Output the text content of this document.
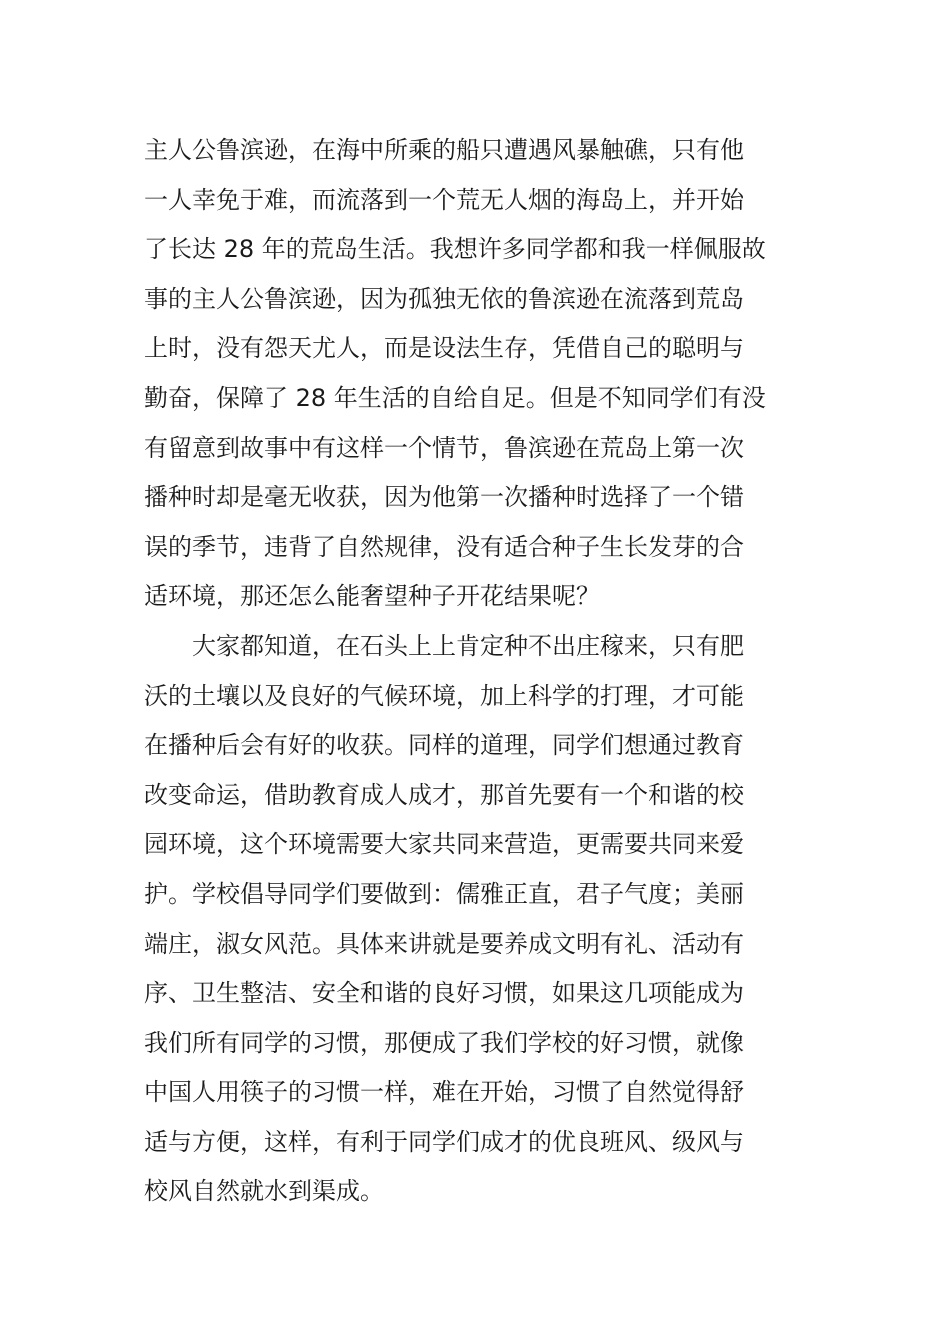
主人公鲁滨逊，在海中所乘的船只遭遇风暴触礁，只有他
一人幸免于难，而流落到一个荒无人烟的海岛上，并开始
了长达 28 年的荒岛生活。我想许多同学都和我一样佩服故
事的主人公鲁滨逊，因为孤独无依的鲁滨逊在流落到荒岛
上时，没有怨天尤人，而是设法生存，凭借自己的聪明与
勤奋，保障了 28 年生活的自给自足。但是不知同学们有没
有留意到故事中有这样一个情节，鲁滨逊在荒岛上第一次
播种时却是毫无收获，因为他第一次播种时选择了一个错
误的季节，违背了自然规律，没有适合种子生长发芽的合
适环境，那还怎么能奢望种子开花结果呢？
大家都知道，在石头上上肯定种不出庄稼来，只有肥
沃的土壤以及良好的气候环境，加上科学的打理，才可能
在播种后会有好的收获。同样的道理，同学们想通过教育
改变命运，借助教育成人成才，那首先要有一个和谐的校
园环境，这个环境需要大家共同来营造，更需要共同来爱
护。学校倡导同学们要做到：儒雅正直，君子气度；美丽
端庄，淑女风范。具体来讲就是要养成文明有礼、活动有
序、卫生整洁、安全和谐的良好习惯，如果这几项能成为
我们所有同学的习惯，那便成了我们学校的好习惯，就像
中国人用筷子的习惯一样，难在开始，习惯了自然觉得舒
适与方便，这样，有利于同学们成才的优良班风、级风与
校风自然就水到渠成。
